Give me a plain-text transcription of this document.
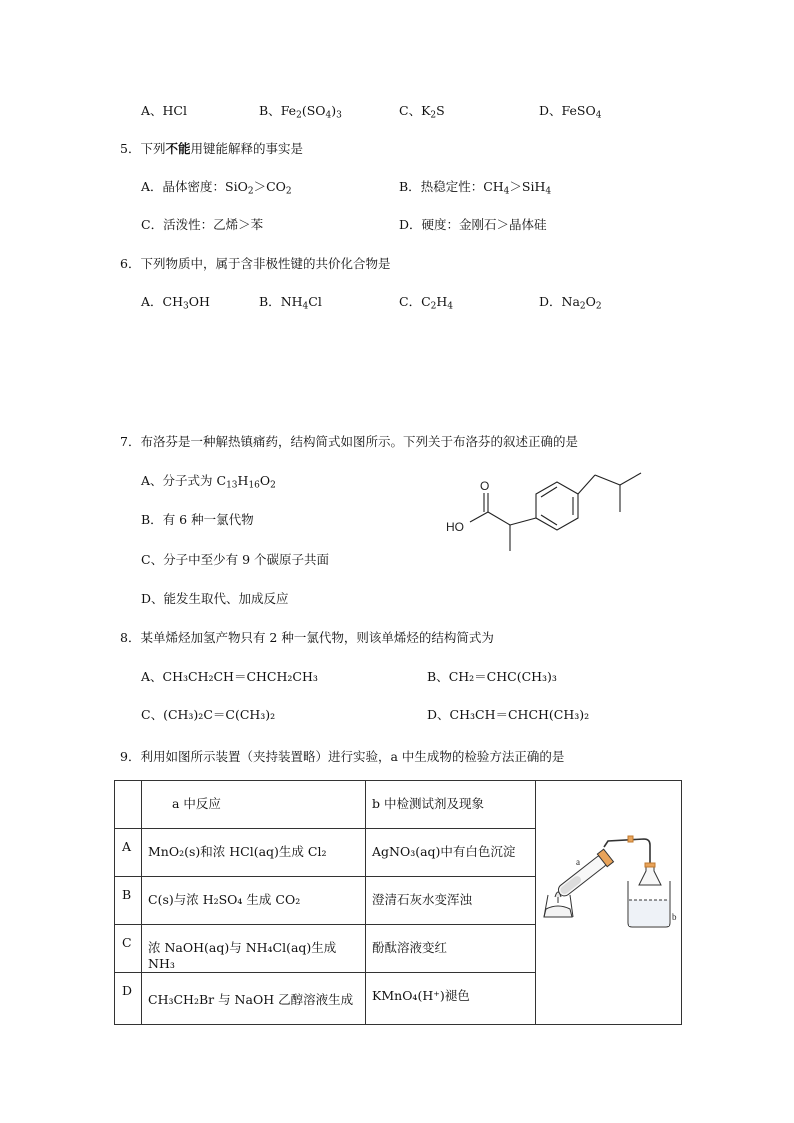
A、HCl	B、$Fe_2(SO_4)_3$	C、$K_2S$	D、FeSO$_4$
5．下列不能用键能解释的事实是
A．晶体密度：$SiO_2>CO_2$	B．热稳定性：$CH_4>SiH_4$
C．活泼性：乙烯＞苯	D．硬度：金刚石＞晶体硅
6．下列物质中，属于含非极性键的共价化合物是
A．$CH_3OH$	B．$NH_4Cl$	C．$C_2H_4$	D．$Na_2O_2$
7．布洛芬是一种解热镇痛药，结构简式如图所示。下列关于布洛芬的叙述正确的是
A、分子式为 $C_{13}H_{16}O_2$
B．有 6 种一氯代物
C、分子中至少有 9 个碳原子共面
D、能发生取代、加成反应
O
HO
8．某单烯烃加氢产物只有 2 种一氯代物，则该单烯烃的结构简式为
A、CH₃CH₂CH＝CHCH₂CH₃	B、CH₂＝CHC(CH₃)₃
C、(CH₃)₂C＝C(CH₃)₂	D、CH₃CH＝CHCH(CH₃)₂
9．利用如图所示装置（夹持装置略）进行实验，a 中生成物的检验方法正确的是
	a 中反应	b 中检测试剂及现象	a
b

A	MnO₂(s)和浓 HCl(aq)生成 Cl₂	AgNO₃(aq)中有白色沉淀	
B	C(s)与浓 H₂SO₄ 生成 CO₂	澄清石灰水变浑浊	
C	浓 NaOH(aq)与 NH₄Cl(aq)生成 NH₃	酚酞溶液变红	
D	CH₃CH₂Br 与 NaOH 乙醇溶液生成	KMnO₄(H⁺)褪色	
